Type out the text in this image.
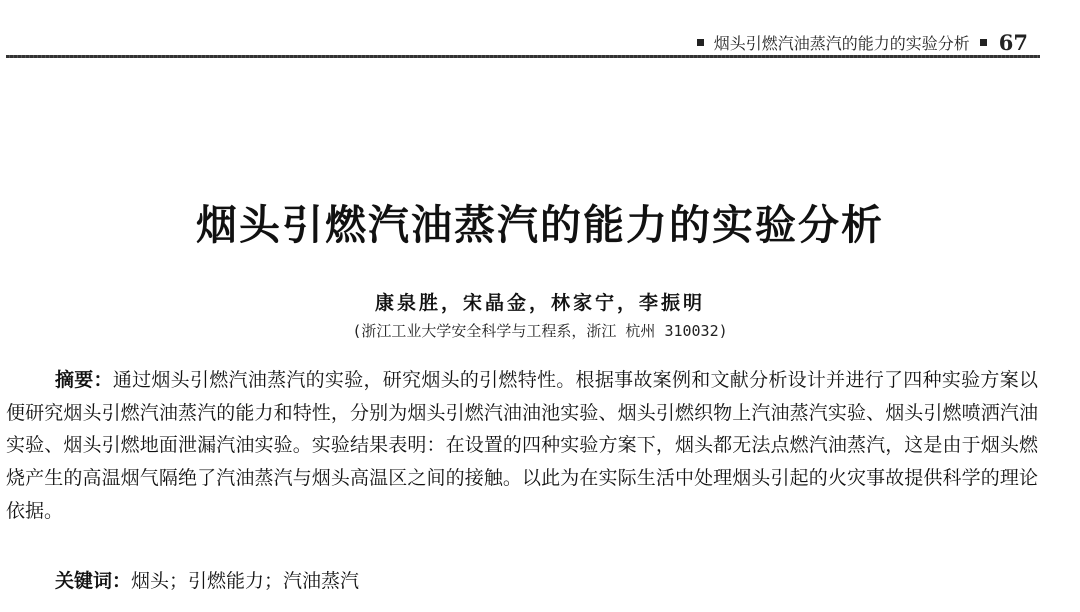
烟头引燃汽油蒸汽的能力的实验分析 67
烟头引燃汽油蒸汽的能力的实验分析
康泉胜，宋晶金，林家宁，李振明
(浙江工业大学安全科学与工程系，浙江 杭州 310032)

摘要：通过烟头引燃汽油蒸汽的实验，研究烟头的引燃特性。根据事故案例和文献分析设计并进行了四种实验方案以便研究烟头引燃汽油蒸汽的能力和特性，分别为烟头引燃汽油油池实验、烟头引燃织物上汽油蒸汽实验、烟头引燃喷洒汽油实验、烟头引燃地面泄漏汽油实验。实验结果表明：在设置的四种实验方案下，烟头都无法点燃汽油蒸汽，这是由于烟头燃烧产生的高温烟气隔绝了汽油蒸汽与烟头高温区之间的接触。以此为在实际生活中处理烟头引起的火灾事故提供科学的理论依据。

关键词：烟头；引燃能力；汽油蒸汽
